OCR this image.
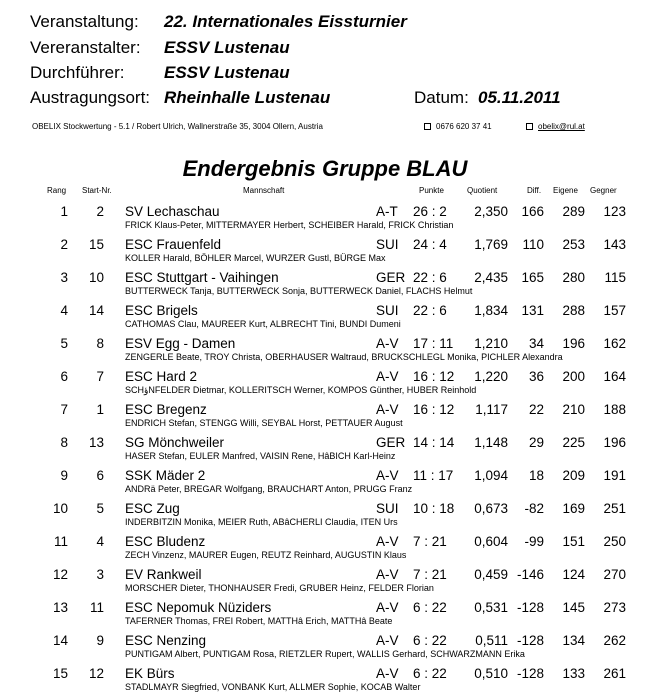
Veranstaltung: 22. Internationales Eissturnier
Vereranstalter: ESSV Lustenau
Durchführer: ESSV Lustenau
Austragungsort: Rheinhalle Lustenau	Datum: 05.11.2011
OBELIX Stockwertung - 5.1 / Robert Ulrich, Wallnerstraße 35, 3004 Ollern, Austria	0676 620 37 41	obelix@rul.at
Endergebnis Gruppe BLAU
Rang Start-Nr.	Mannschaft	Punkte	Quotient	Diff. Eigene Gegner
1	2 SV Lechaschau	A-T 26 : 2	2,350 166	289	123
FRICK Klaus-Peter, MITTERMAYER Herbert, SCHEIBER Harald, FRICK Christian
2	15 ESC Frauenfeld	SUI 24 : 4	1,769	110	253	143
KOLLER Harald, BÖHLER Marcel, WURZER Gustl, BÜRGE Max
3	10 ESC Stuttgart - Vaihingen	GER 22 : 6	2,435 165	280	115
BUTTERWECK Tanja, BUTTERWECK Sonja, BUTTERWECK Daniel, FLACHS Helmut
4	14 ESC Brigels	SUI 22 : 6	1,834 131	288	157
CATHOMAS Clau, MAUREER Kurt, ALBRECHT Tini, BUNDI Dumeni
5	8 ESV Egg - Damen	A-V 17 : 11	1,210	34	196	162
ZENGERLE Beate, TROY Christa, OBERHAUSER Waltraud, BRUCKSCHLEGL Monika, PICHLER Alexandra
6	7 ESC Hard 2	A-V 16 : 12	1,220	36	200	164
SCHؤNFELDER Dietmar, KOLLERITSCH Werner, KOMPOS Günther, HUBER Reinhold
7	1 ESC Bregenz	A-V 16 : 12	1,117	22	210	188
ENDRICH Stefan, STENGG Willi, SEYBAL Horst, PETTAUER August
8	13 SG Mönchweiler	GER 14 : 14	1,148	29	225	196
HASER Stefan, EULER Manfred, VAISIN Rene, HâBICH Karl-Heinz
9	6 SSK Mäder 2	A-V 11 : 17	1,094	18	209	191
ANDRä Peter, BREGAR Wolfgang, BRAUCHART Anton, PRUGG Franz
10	5 ESC Zug	SUI 10 : 18	0,673	-82	169	251
INDERBITZIN Monika, MEIER Ruth, ABâCHERLI Claudia, ITEN Urs
11	4 ESC Bludenz	A-V 7 : 21	0,604	-99	151	250
ZECH Vinzenz, MAURER Eugen, REUTZ Reinhard, AUGUSTIN Klaus
12	3 EV Rankweil	A-V 7 : 21	0,459 -146	124	270
MORSCHER Dieter, THONHAUSER Fredi, GRUBER Heinz, FELDER Florian
13	11 ESC Nepomuk Nüziders	A-V 6 : 22	0,531 -128	145	273
TAFERNER Thomas, FREI Robert, MATTHâ Erich, MATTHâ Beate
14	9 ESC Nenzing	A-V 6 : 22	0,511 -128	134	262
PUNTIGAM Albert, PUNTIGAM Rosa, RIETZLER Rupert, WALLIS Gerhard, SCHWARZMANN Erika
15	12 EK Bürs	A-V 6 : 22	0,510 -128	133	261
STADLMAYR Siegfried, VONBANK Kurt, ALLMER Sophie, KOCAB Walter
